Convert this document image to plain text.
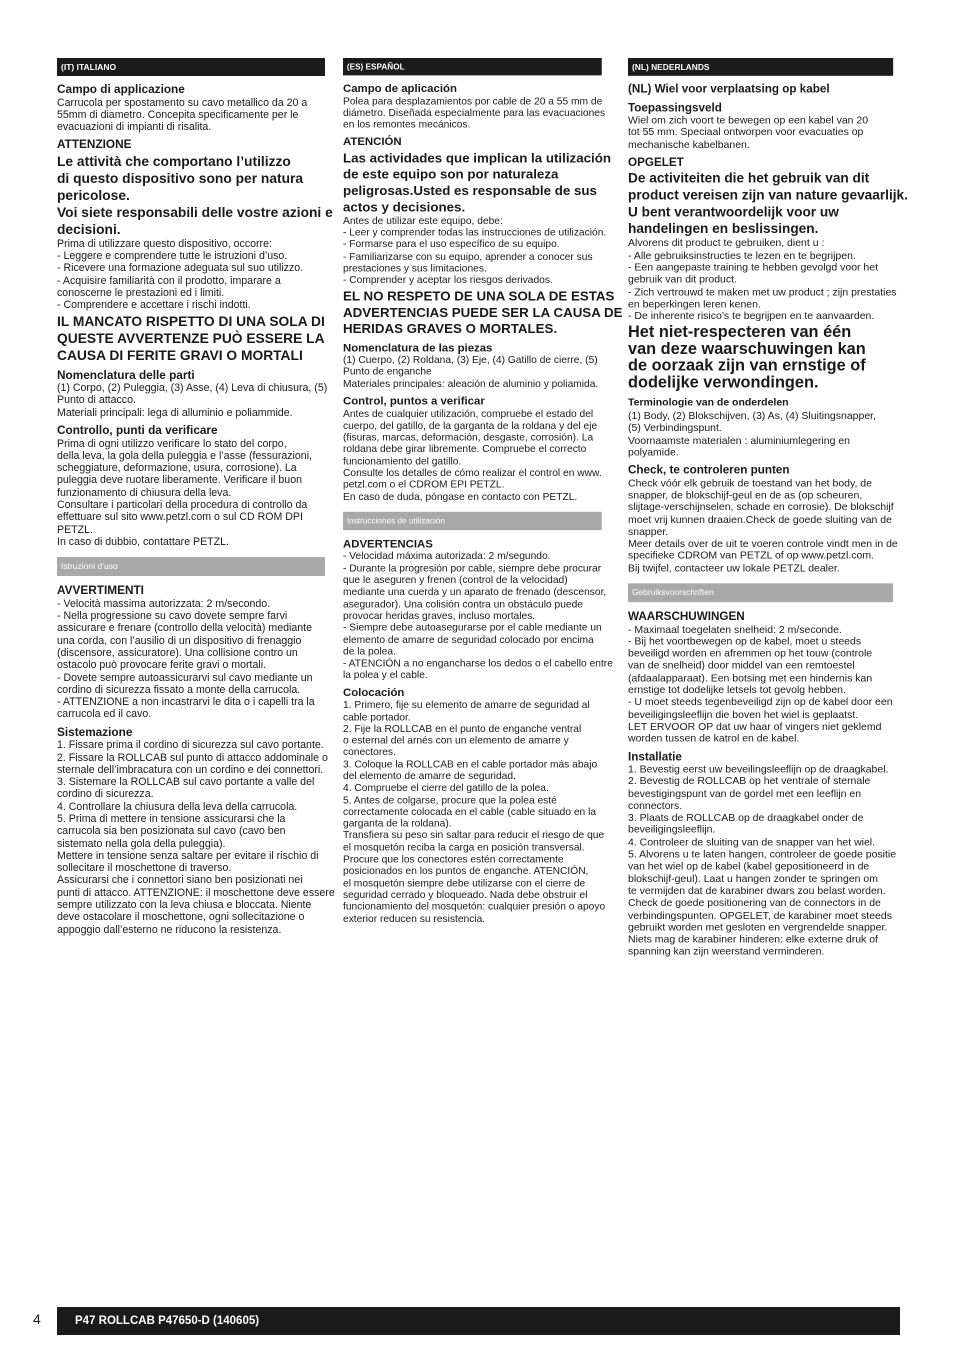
(IT) ITALIANO
Campo di applicazione
Carrucola per spostamento su cavo metallico da 20 a
55mm di diametro. Concepita specificamente per le
evacuazioni di impianti di risalita.
ATTENZIONE
Le attività che comportano l’utilizzo
di questo dispositivo sono per natura
pericolose.
Voi siete responsabili delle vostre azioni e
decisioni.
Prima di utilizzare questo dispositivo, occorre:
- Leggere e comprendere tutte le istruzioni d’uso.
- Ricevere una formazione adeguata sul suo utilizzo.
- Acquisire familiarità con il prodotto, imparare a
conoscerne le prestazioni ed i limiti.
- Comprendere e accettare i rischi indotti.
IL MANCATO RISPETTO DI UNA SOLA DI
QUESTE AVVERTENZE PUÒ ESSERE LA
CAUSA DI FERITE GRAVI O MORTALI
Nomenclatura delle parti
(1) Corpo, (2) Puleggia, (3) Asse, (4) Leva di chiusura, (5)
Punto di attacco.
Materiali principali: lega di alluminio e poliammide.
Controllo, punti da verificare
Prima di ogni utilizzo verificare lo stato del corpo,
della leva, la gola della puleggia e l’asse (fessurazioni,
scheggiature, deformazione, usura, corrosione). La
puleggia deve ruotare liberamente. Verificare il buon
funzionamento di chiusura della leva.
Consultare i particolari della procedura di controllo da
effettuare sul sito www.petzl.com o sul CD ROM DPI
PETZL.
In caso di dubbio, contattare PETZL.
Istruzioni d’uso
AVVERTIMENTI
- Velocità massima autorizzata: 2 m/secondo.
- Nella progressione su cavo dovete sempre farvi
assicurare e frenare (controllo della velocità) mediante
una corda, con l’ausilio di un dispositivo di frenaggio
(discensore, assicuratore). Una collisione contro un
ostacolo può provocare ferite gravi o mortali.
- Dovete sempre autoassicurarvi sul cavo mediante un
cordino di sicurezza fissato a monte della carrucola.
- ATTENZIONE a non incastrarvi le dita o i capelli tra la
carrucola ed il cavo.
Sistemazione
1. Fissare prima il cordino di sicurezza sul cavo portante.
2. Fissare la ROLLCAB sul punto di attacco addominale o
sternale dell’imbracatura con un cordino e dei connettori.
3. Sistemare la ROLLCAB sul cavo portante a valle del
cordino di sicurezza.
4. Controllare la chiusura della leva della carrucola.
5. Prima di mettere in tensione assicurarsi che la
carrucola sia ben posizionata sul cavo (cavo ben
sistemato nella gola della puleggia).
Mettere in tensione senza saltare per evitare il rischio di
sollecitare il moschettone di traverso.
Assicurarsi che i connettori siano ben posizionati nei
punti di attacco. ATTENZIONE: il moschettone deve essere
sempre utilizzato con la leva chiusa e bloccata. Niente
deve ostacolare il moschettone, ogni sollecitazione o
appoggio dall’esterno ne riducono la resistenza.
(ES) ESPAÑOL
Campo de aplicación
Polea para desplazamientos por cable de 20 a 55 mm de
diámetro. Diseñada especialmente para las evacuaciones
en los remontes mecánicos.
ATENCIÓN
Las actividades que implican la utilización
de este equipo son por naturaleza
peligrosas.Usted es responsable de sus
actos y decisiones.
Antes de utilizar este equipo, debe:
- Leer y comprender todas las instrucciones de utilización.
- Formarse para el uso específico de su equipo.
- Familiarizarse con su equipo, aprender a conocer sus
prestaciones y sus limitaciones.
- Comprender y aceptar los riesgos derivados.
EL NO RESPETO DE UNA SOLA DE ESTAS
ADVERTENCIAS PUEDE SER LA CAUSA DE
HERIDAS GRAVES O MORTALES.
Nomenclatura de las piezas
(1) Cuerpo, (2) Roldana, (3) Eje, (4) Gatillo de cierre, (5)
Punto de enganche
Materiales principales: aleación de aluminio y poliamida.
Control, puntos a verificar
Antes de cualquier utilización, compruebe el estado del
cuerpo, del gatillo, de la garganta de la roldana y del eje
(fisuras, marcas, deformación, desgaste, corrosión). La
roldana debe girar libremente. Compruebe el correcto
funcionamiento del gatillo.
Consulte los detalles de cómo realizar el control en www.
petzl.com o el CDROM EPI PETZL.
En caso de duda, póngase en contacto con PETZL.
Instrucciones de utilización
ADVERTENCIAS
- Velocidad máxima autorizada: 2 m/segundo.
- Durante la progresión por cable, siempre debe procurar
que le aseguren y frenen (control de la velocidad)
mediante una cuerda y un aparato de frenado (descensor,
asegurador). Una colisión contra un obstáculo puede
provocar heridas graves, incluso mortales.
- Siempre debe autoasegurarse por el cable mediante un
elemento de amarre de seguridad colocado por encima
de la polea.
- ATENCIÓN a no engancharse los dedos o el cabello entre
la polea y el cable.
Colocación
1. Primero, fije su elemento de amarre de seguridad al
cable portador.
2. Fije la ROLLCAB en el punto de enganche ventral
o esternal del arnés con un elemento de amarre y
conectores.
3. Coloque la ROLLCAB en el cable portador más abajo
del elemento de amarre de seguridad.
4. Compruebe el cierre del gatillo de la polea.
5. Antes de colgarse, procure que la polea esté
correctamente colocada en el cable (cable situado en la
garganta de la roldana).
Transfiera su peso sin saltar para reducir el riesgo de que
el mosquetón reciba la carga en posición transversal.
Procure que los conectores estén correctamente
posicionados en los puntos de enganche. ATENCIÓN,
el mosquetón siempre debe utilizarse con el cierre de
seguridad cerrado y bloqueado. Nada debe obstruir el
funcionamiento del mosquetón: cualquier presión o apoyo
exterior reducen su resistencia.
(NL) NEDERLANDS
(NL) Wiel voor verplaatsing op kabel
Toepassingsveld
Wiel om zich voort te bewegen op een kabel van 20
tot 55 mm. Speciaal ontworpen voor evacuaties op
mechanische kabelbanen.
OPGELET
De activiteiten die het gebruik van dit
product vereisen zijn van nature gevaarlijk.
U bent verantwoordelijk voor uw
handelingen en beslissingen.
Alvorens dit product te gebruiken, dient u :
- Alle gebruiksinstructies te lezen en te begrijpen.
- Een aangepaste training te hebben gevolgd voor het
gebruik van dit product.
- Zich vertrouwd te maken met uw product ; zijn prestaties
en beperkingen leren kenen.
- De inherente risico’s te begrijpen en te aanvaarden.
Het niet-respecteren van één
van deze waarschuwingen kan
de oorzaak zijn van ernstige of
dodelijke verwondingen.
Terminologie van de onderdelen
(1) Body, (2) Blokschijven, (3) As, (4) Sluitingsnapper,
(5) Verbindingspunt.
Voornaamste materialen : aluminiumlegering en
polyamide.
Check, te controleren punten
Check vóór elk gebruik de toestand van het body, de
snapper, de blokschijf-geul en de as (op scheuren,
slijtage-verschijnselen, schade en corrosie). De blokschijf
moet vrij kunnen draaien.Check de goede sluiting van de
snapper.
Meer details over de uit te voeren controle vindt men in de
specifieke CDROM van PETZL of op www.petzl.com.
Bij twijfel, contacteer uw lokale PETZL dealer.
Gebruiksvoorschriften
WAARSCHUWINGEN
- Maximaal toegelaten snelheid: 2 m/seconde.
- Bij het voortbewegen op de kabel, moet u steeds
beveiligd worden en afremmen op het touw (controle
van de snelheid) door middel van een remtoestel
(afdaalapparaat). Een botsing met een hindernis kan
ernstige tot dodelijke letsels tot gevolg hebben.
- U moet steeds tegenbeveiligd zijn op de kabel door een
beveiligingsleeflijn die boven het wiel is geplaatst.
LET ERVOOR OP dat uw haar of vingers niet geklemd
worden tussen de katrol en de kabel.
Installatie
1. Bevestig eerst uw beveilingsleeflijn op de draagkabel.
2. Bevestig de ROLLCAB op het ventrale of sternale
bevestigingspunt van de gordel met een leeflijn en
connectors.
3. Plaats de ROLLCAB op de draagkabel onder de
beveiligingsleeflijn.
4. Controleer de sluiting van de snapper van het wiel.
5. Alvorens u te laten hangen, controleer de goede positie
van het wiel op de kabel (kabel gepositioneerd in de
blokschijf-geul). Laat u hangen zonder te springen om
te vermijden dat de karabiner dwars zou belast worden.
Check de goede positionering van de connectors in de
verbindingspunten. OPGELET, de karabiner moet steeds
gebruikt worden met gesloten en vergrendelde snapper.
Niets mag de karabiner hinderen: elke externe druk of
spanning kan zijn weerstand verminderen.
4	P47 ROLLCAB P47650-D (140605)
